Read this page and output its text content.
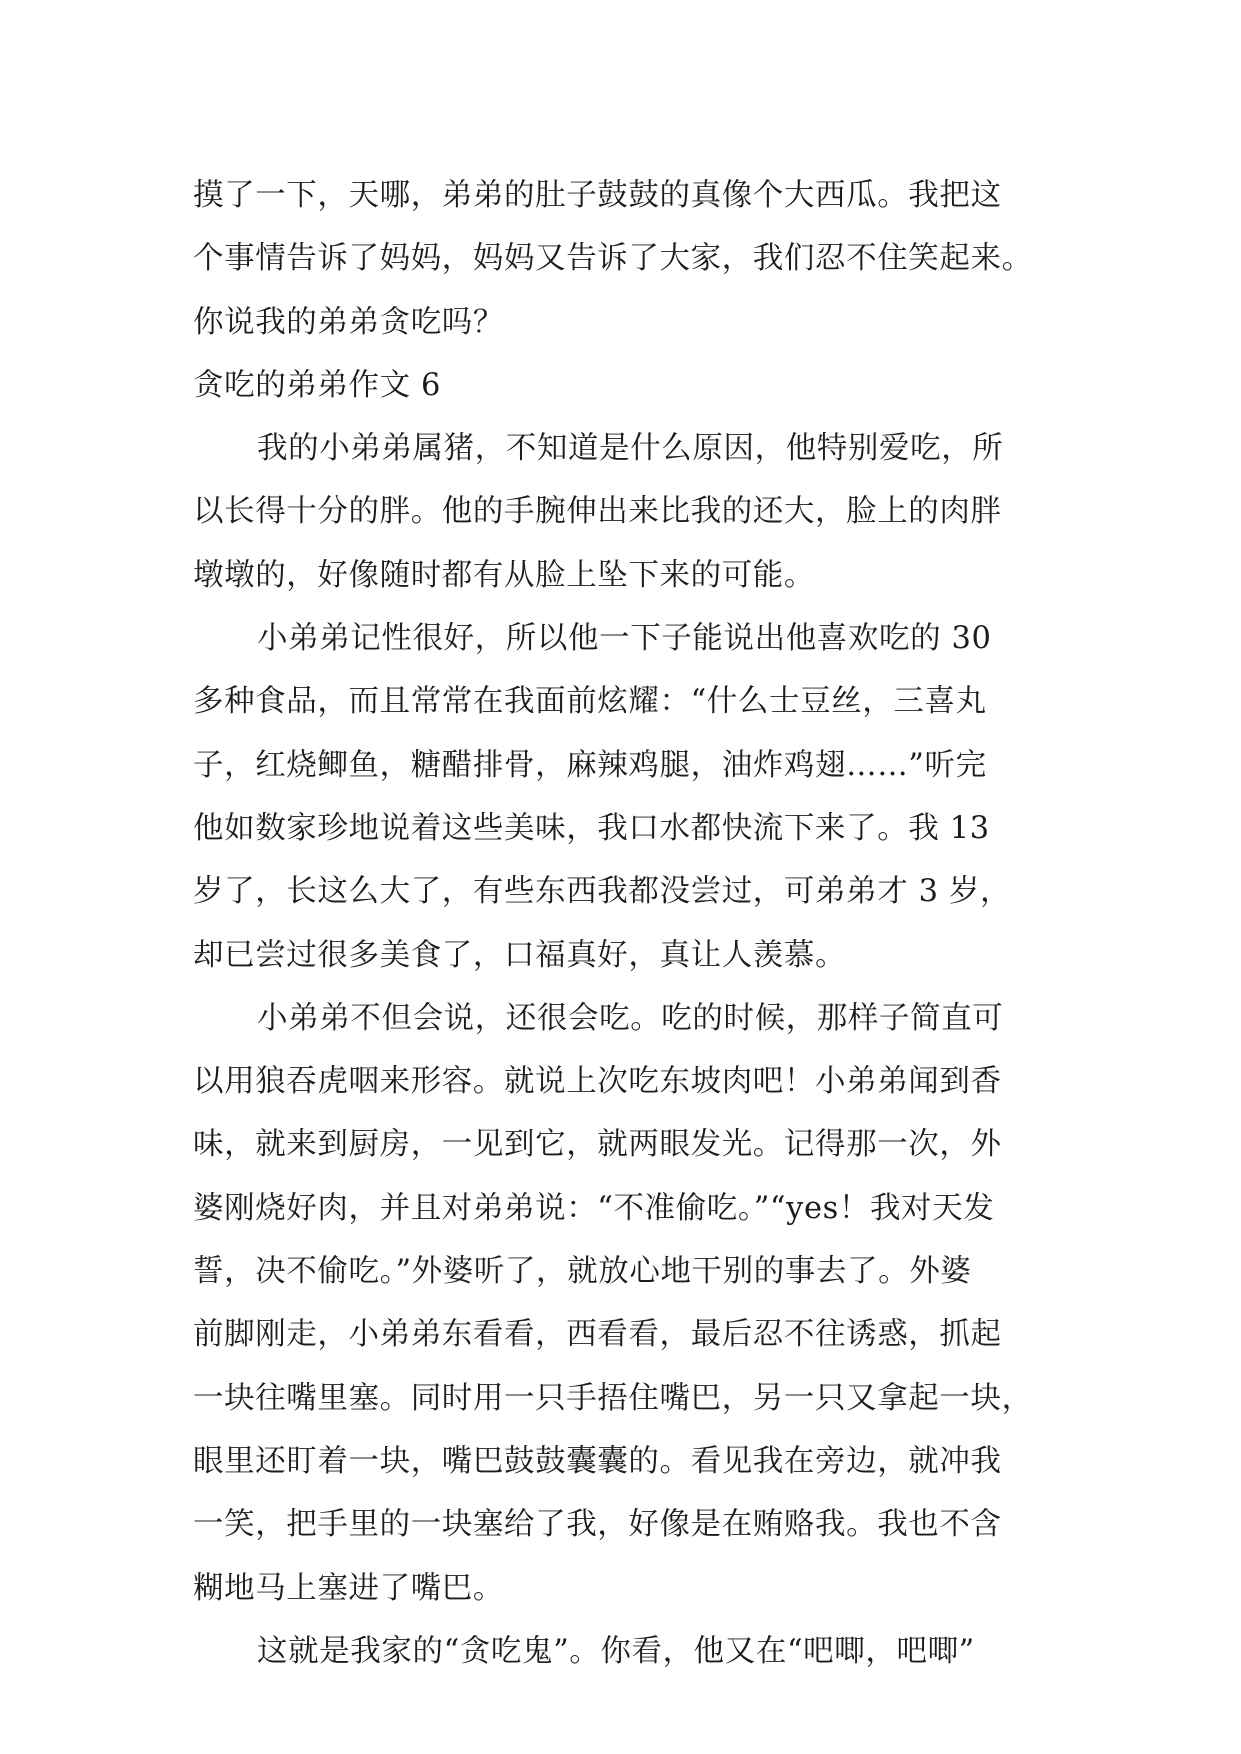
摸了一下，天哪，弟弟的肚子鼓鼓的真像个大西瓜。我把这
个事情告诉了妈妈，妈妈又告诉了大家，我们忍不住笑起来。
你说我的弟弟贪吃吗？
贪吃的弟弟作文 6
我的小弟弟属猪，不知道是什么原因，他特别爱吃，所
以长得十分的胖。他的手腕伸出来比我的还大，脸上的肉胖
墩墩的，好像随时都有从脸上坠下来的可能。
小弟弟记性很好，所以他一下子能说出他喜欢吃的 30
多种食品，而且常常在我面前炫耀：“什么士豆丝，三喜丸
子，红烧鲫鱼，糖醋排骨，麻辣鸡腿，油炸鸡翅……”听完
他如数家珍地说着这些美味，我口水都快流下来了。我 13
岁了，长这么大了，有些东西我都没尝过，可弟弟才 3 岁，
却已尝过很多美食了，口福真好，真让人羡慕。
小弟弟不但会说，还很会吃。吃的时候，那样子简直可
以用狼吞虎咽来形容。就说上次吃东坡肉吧！小弟弟闻到香
味，就来到厨房，一见到它，就两眼发光。记得那一次，外
婆刚烧好肉，并且对弟弟说：“不准偷吃。”“yes！我对天发
誓，决不偷吃。”外婆听了，就放心地干别的事去了。外婆
前脚刚走，小弟弟东看看，西看看，最后忍不往诱惑，抓起
一块往嘴里塞。同时用一只手捂住嘴巴，另一只又拿起一块，
眼里还盯着一块，嘴巴鼓鼓囊囊的。看见我在旁边，就冲我
一笑，把手里的一块塞给了我，好像是在贿赂我。我也不含
糊地马上塞进了嘴巴。
这就是我家的“贪吃鬼”。你看，他又在“吧唧，吧唧”
